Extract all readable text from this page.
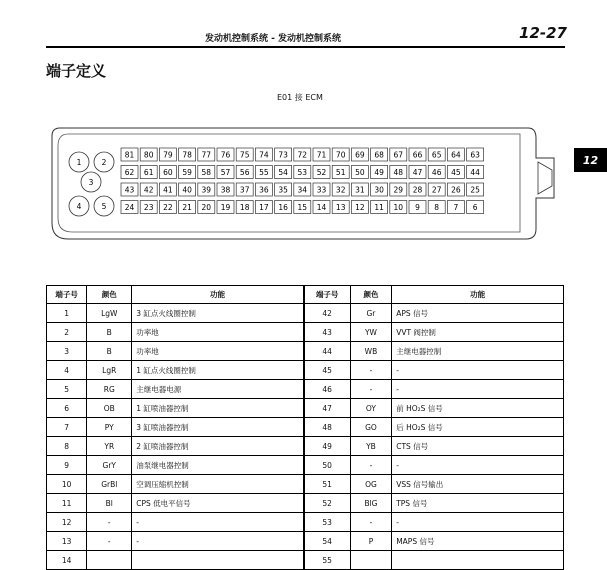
发动机控制系统 - 发动机控制系统	12-27
端子定义
E01 接 ECM
12
1	2
3
4	5
81 80 79 78 77 76 75 74 73 72 71 70 69 68 67 66 65 64 63
62 61 60 59 58 57 56 55 54 53 52 51 50 49 48 47 46 45 44
43 42 41 40 39 38 37 36 35 34 33 32 31 30 29 28 27 26 25
24 23 22 21 20 19 18 17 16 15 14 13 12 11 10 9 8 7 6
端子号	颜色	功能	端子号	颜色	功能
1	LgW	3 缸点火线圈控制	42	Gr	APS 信号
2	B	功率地	43	YW	VVT 阀控制
3	B	功率地	44	WB	主继电器控制
4	LgR	1 缸点火线圈控制	45	-	-
5	RG	主继电器电源	46	-	-
6	OB	1 缸喷油器控制	47	OY	前 HO₂S 信号
7	PY	3 缸喷油器控制	48	GO	后 HO₂S 信号
8	YR	2 缸喷油器控制	49	YB	CTS 信号
9	GrY	油泵继电器控制	50	-	-
10	GrBl	空调压缩机控制	51	OG	VSS 信号输出
11	Bl	CPS 低电平信号	52	BlG	TPS 信号
12	-	-	53	-	-
13	-	-	54	P	MAPS 信号
14			55		
